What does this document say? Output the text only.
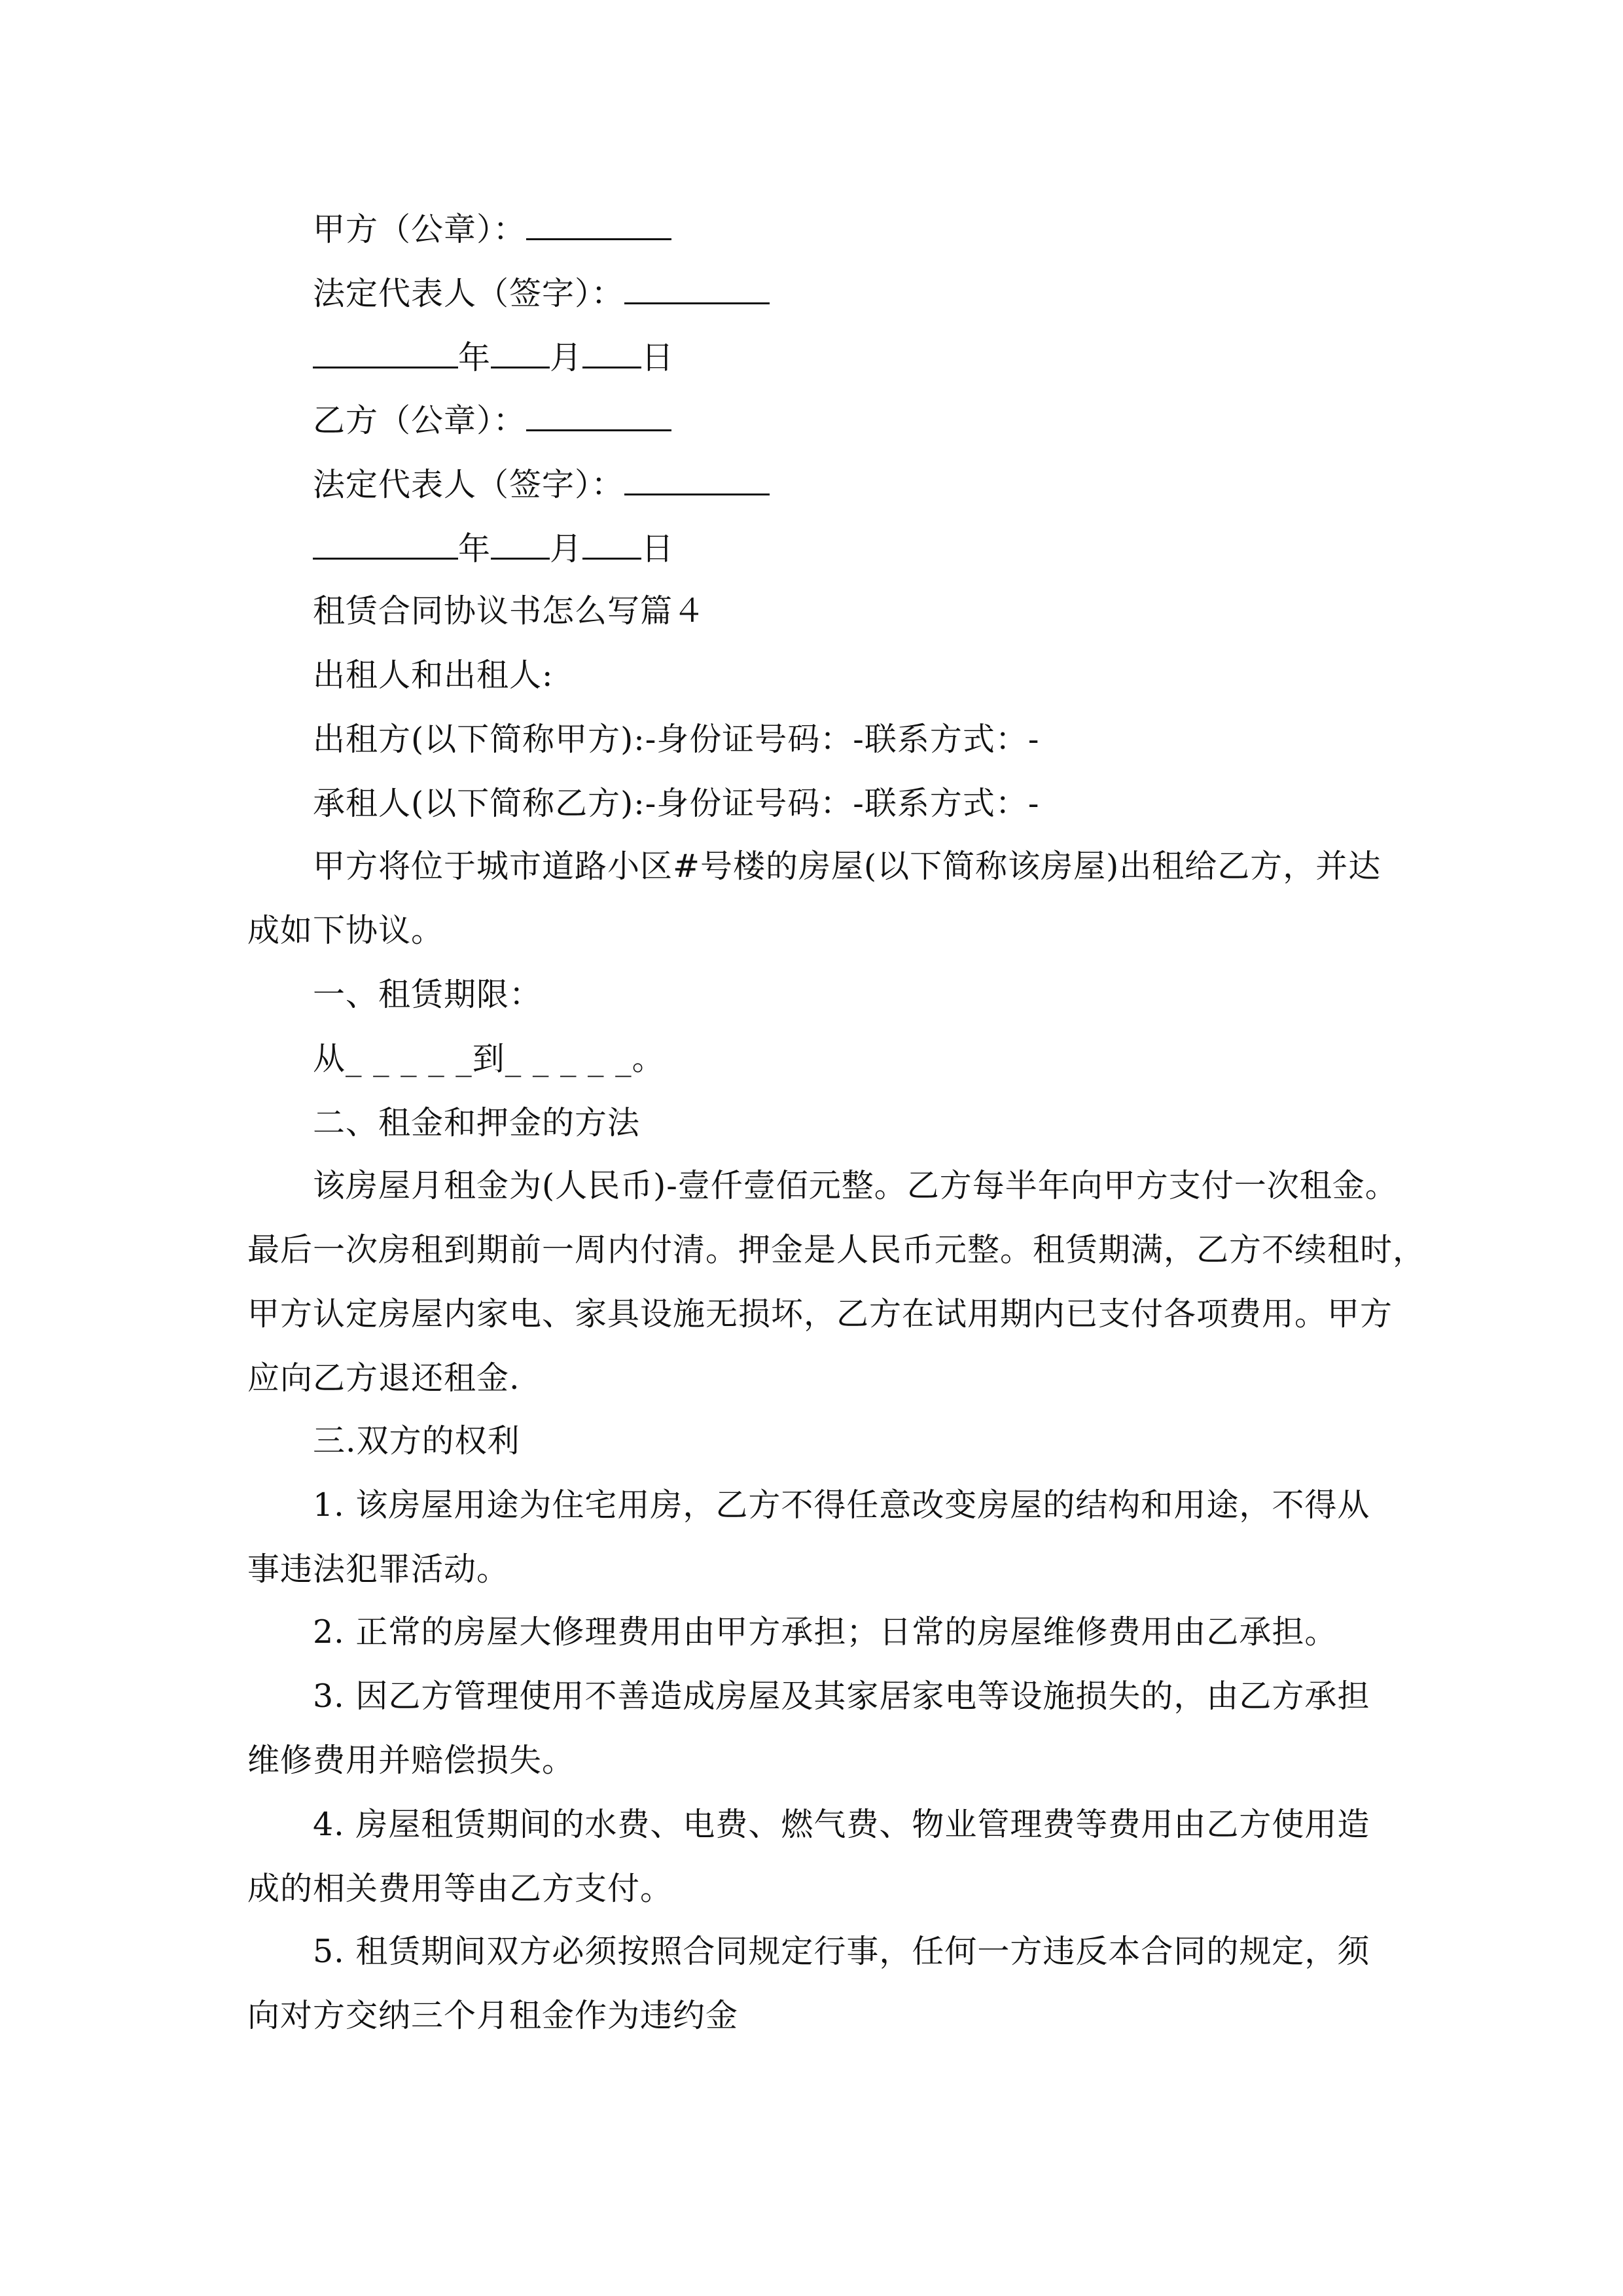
甲方（公章）：
法定代表人（签字）：
年 月 日
乙方（公章）：
法定代表人（签字）：
年 月 日
租赁合同协议书怎么写篇４
出租人和出租人:
出租方(以下简称甲方):-身份证号码：-联系方式：-
承租人(以下简称乙方):-身份证号码：-联系方式：-
甲方将位于城市道路小区#号楼的房屋(以下简称该房屋)出租给乙方，并达
成如下协议。
一、租赁期限：
从_ _ _ _ _到_ _ _ _ _。
二、租金和押金的方法
该房屋月租金为(人民币)-壹仟壹佰元整。乙方每半年向甲方支付一次租金。
最后一次房租到期前一周内付清。押金是人民币元整。租赁期满，乙方不续租时，
甲方认定房屋内家电、家具设施无损坏，乙方在试用期内已支付各项费用。甲方
应向乙方退还租金.
三.双方的权利
1. 该房屋用途为住宅用房，乙方不得任意改变房屋的结构和用途，不得从
事违法犯罪活动。
2. 正常的房屋大修理费用由甲方承担；日常的房屋维修费用由乙承担。
3. 因乙方管理使用不善造成房屋及其家居家电等设施损失的，由乙方承担
维修费用并赔偿损失。
4. 房屋租赁期间的水费、电费、燃气费、物业管理费等费用由乙方使用造
成的相关费用等由乙方支付。
5. 租赁期间双方必须按照合同规定行事，任何一方违反本合同的规定，须
向对方交纳三个月租金作为违约金
